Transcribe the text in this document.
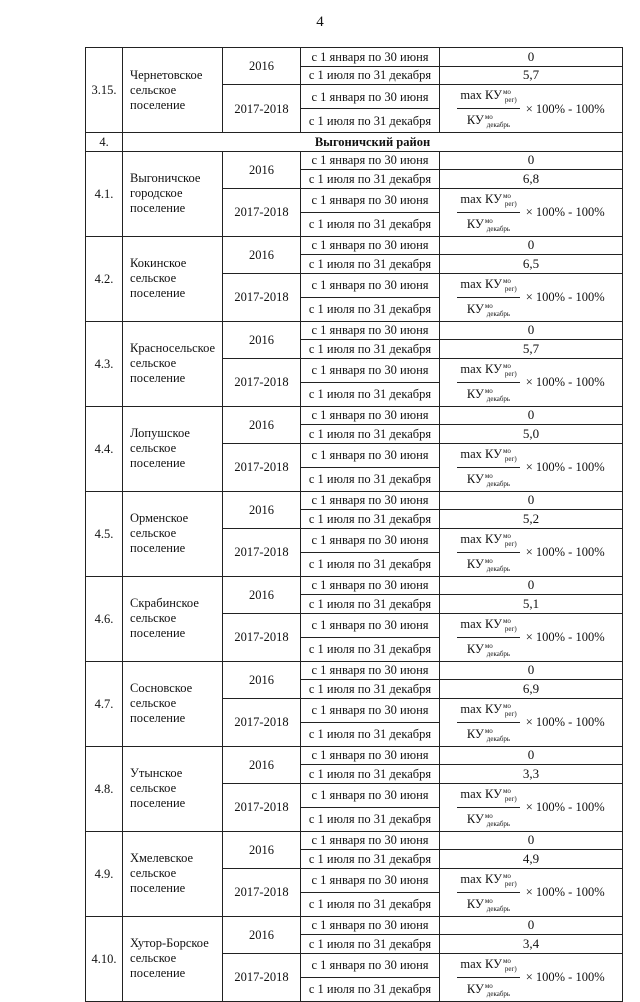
4
3.15.	Чернетовское сельское поселение	2016	с 1 января по 30 июня	0
			с 1 июля по 31 декабря	5,7
		2017-2018	с 1 января по 30 июня	$\frac{\max КУ^{мо}_{рег)}}{КУ^{мо}_{декабрь}} \times 100\% - 100\%$

			с 1 июля по 31 декабря	
4.	Выгоничский район			
4.1.	Выгоничское городское поселение	2016	с 1 января по 30 июня	0
			с 1 июля по 31 декабря	6,8
		2017-2018	с 1 января по 30 июня	$\frac{\max КУ^{мо}_{рег)}}{КУ^{мо}_{декабрь}} \times 100\% - 100\%$

			с 1 июля по 31 декабря	
4.2.	Кокинское сельское поселение	2016	с 1 января по 30 июня	0
			с 1 июля по 31 декабря	6,5
		2017-2018	с 1 января по 30 июня	$\frac{\max КУ^{мо}_{рег)}}{КУ^{мо}_{декабрь}} \times 100\% - 100\%$

			с 1 июля по 31 декабря	
4.3.	Красносельское сельское поселение	2016	с 1 января по 30 июня	0
			с 1 июля по 31 декабря	5,7
		2017-2018	с 1 января по 30 июня	$\frac{\max КУ^{мо}_{рег)}}{КУ^{мо}_{декабрь}} \times 100\% - 100\%$

			с 1 июля по 31 декабря	
4.4.	Лопушское сельское поселение	2016	с 1 января по 30 июня	0
			с 1 июля по 31 декабря	5,0
		2017-2018	с 1 января по 30 июня	$\frac{\max КУ^{мо}_{рег)}}{КУ^{мо}_{декабрь}} \times 100\% - 100\%$

			с 1 июля по 31 декабря	
4.5.	Орменское сельское поселение	2016	с 1 января по 30 июня	0
			с 1 июля по 31 декабря	5,2
		2017-2018	с 1 января по 30 июня	$\frac{\max КУ^{мо}_{рег)}}{КУ^{мо}_{декабрь}} \times 100\% - 100\%$

			с 1 июля по 31 декабря	
4.6.	Скрабинское сельское поселение	2016	с 1 января по 30 июня	0
			с 1 июля по 31 декабря	5,1
		2017-2018	с 1 января по 30 июня	$\frac{\max КУ^{мо}_{рег)}}{КУ^{мо}_{декабрь}} \times 100\% - 100\%$

			с 1 июля по 31 декабря	
4.7.	Сосновское сельское поселение	2016	с 1 января по 30 июня	0
			с 1 июля по 31 декабря	6,9
		2017-2018	с 1 января по 30 июня	$\frac{\max КУ^{мо}_{рег)}}{КУ^{мо}_{декабрь}} \times 100\% - 100\%$

			с 1 июля по 31 декабря	
4.8.	Утынское сельское поселение	2016	с 1 января по 30 июня	0
			с 1 июля по 31 декабря	3,3
		2017-2018	с 1 января по 30 июня	$\frac{\max КУ^{мо}_{рег)}}{КУ^{мо}_{декабрь}} \times 100\% - 100\%$

			с 1 июля по 31 декабря	
4.9.	Хмелевское сельское поселение	2016	с 1 января по 30 июня	0
			с 1 июля по 31 декабря	4,9
		2017-2018	с 1 января по 30 июня	$\frac{\max КУ^{мо}_{рег)}}{КУ^{мо}_{декабрь}} \times 100\% - 100\%$

			с 1 июля по 31 декабря	
4.10.	Хутор-Борское сельское поселение	2016	с 1 января по 30 июня	0
			с 1 июля по 31 декабря	3,4
		2017-2018	с 1 января по 30 июня	$\frac{\max КУ^{мо}_{рег)}}{КУ^{мо}_{декабрь}} \times 100\% - 100\%$

			с 1 июля по 31 декабря	
